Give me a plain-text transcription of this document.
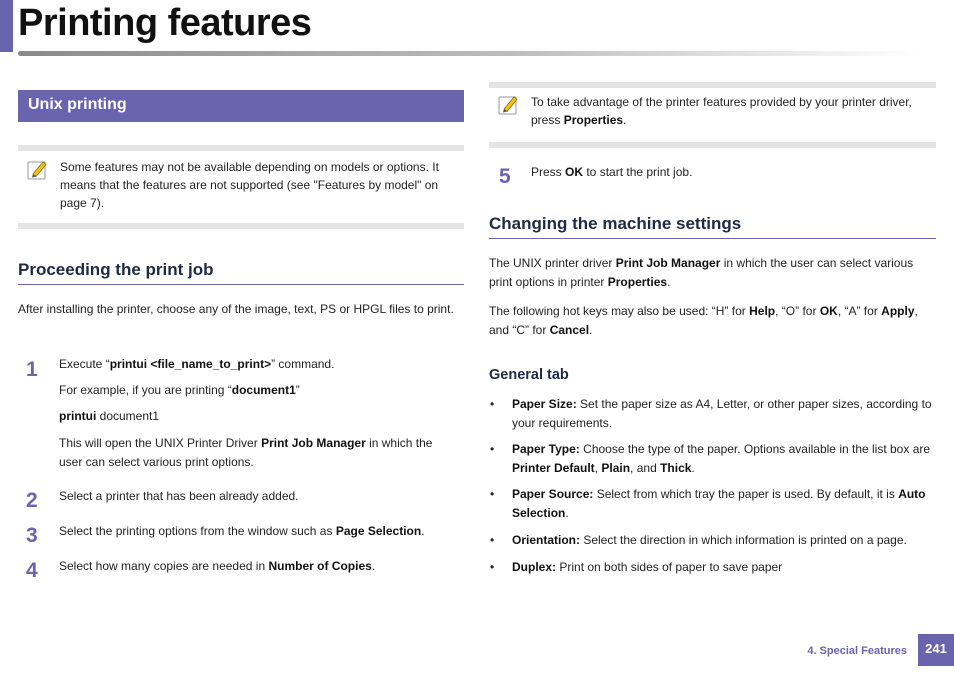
Printing features
Unix printing
Some features may not be available depending on models or options. It means that the features are not supported (see "Features by model" on page 7).
Proceeding the print job

After installing the printer, choose any of the image, text, PS or HPGL files to print.

1 Execute “printui <file_name_to_print>” command.

For example, if you are printing “document1”

printui document1

This will open the UNIX Printer Driver Print Job Manager in which the user can select various print options.

2 Select a printer that has been already added.

3 Select the printing options from the window such as Page Selection.

4 Select how many copies are needed in Number of Copies.

To take advantage of the printer features provided by your printer driver, press Properties.
5 Press OK to start the print job.

Changing the machine settings

The UNIX printer driver Print Job Manager in which the user can select various print options in printer Properties.

The following hot keys may also be used: “H” for Help, “O” for OK, “A” for Apply, and “C” for Cancel.

General tab
• Paper Size: Set the paper size as A4, Letter, or other paper sizes, according to your requirements.

• Paper Type: Choose the type of the paper. Options available in the list box are Printer Default, Plain, and Thick.

• Paper Source: Select from which tray the paper is used. By default, it is Auto Selection.

• Orientation: Select the direction in which information is printed on a page.

• Duplex: Print on both sides of paper to save paper

4. Special Features	241
